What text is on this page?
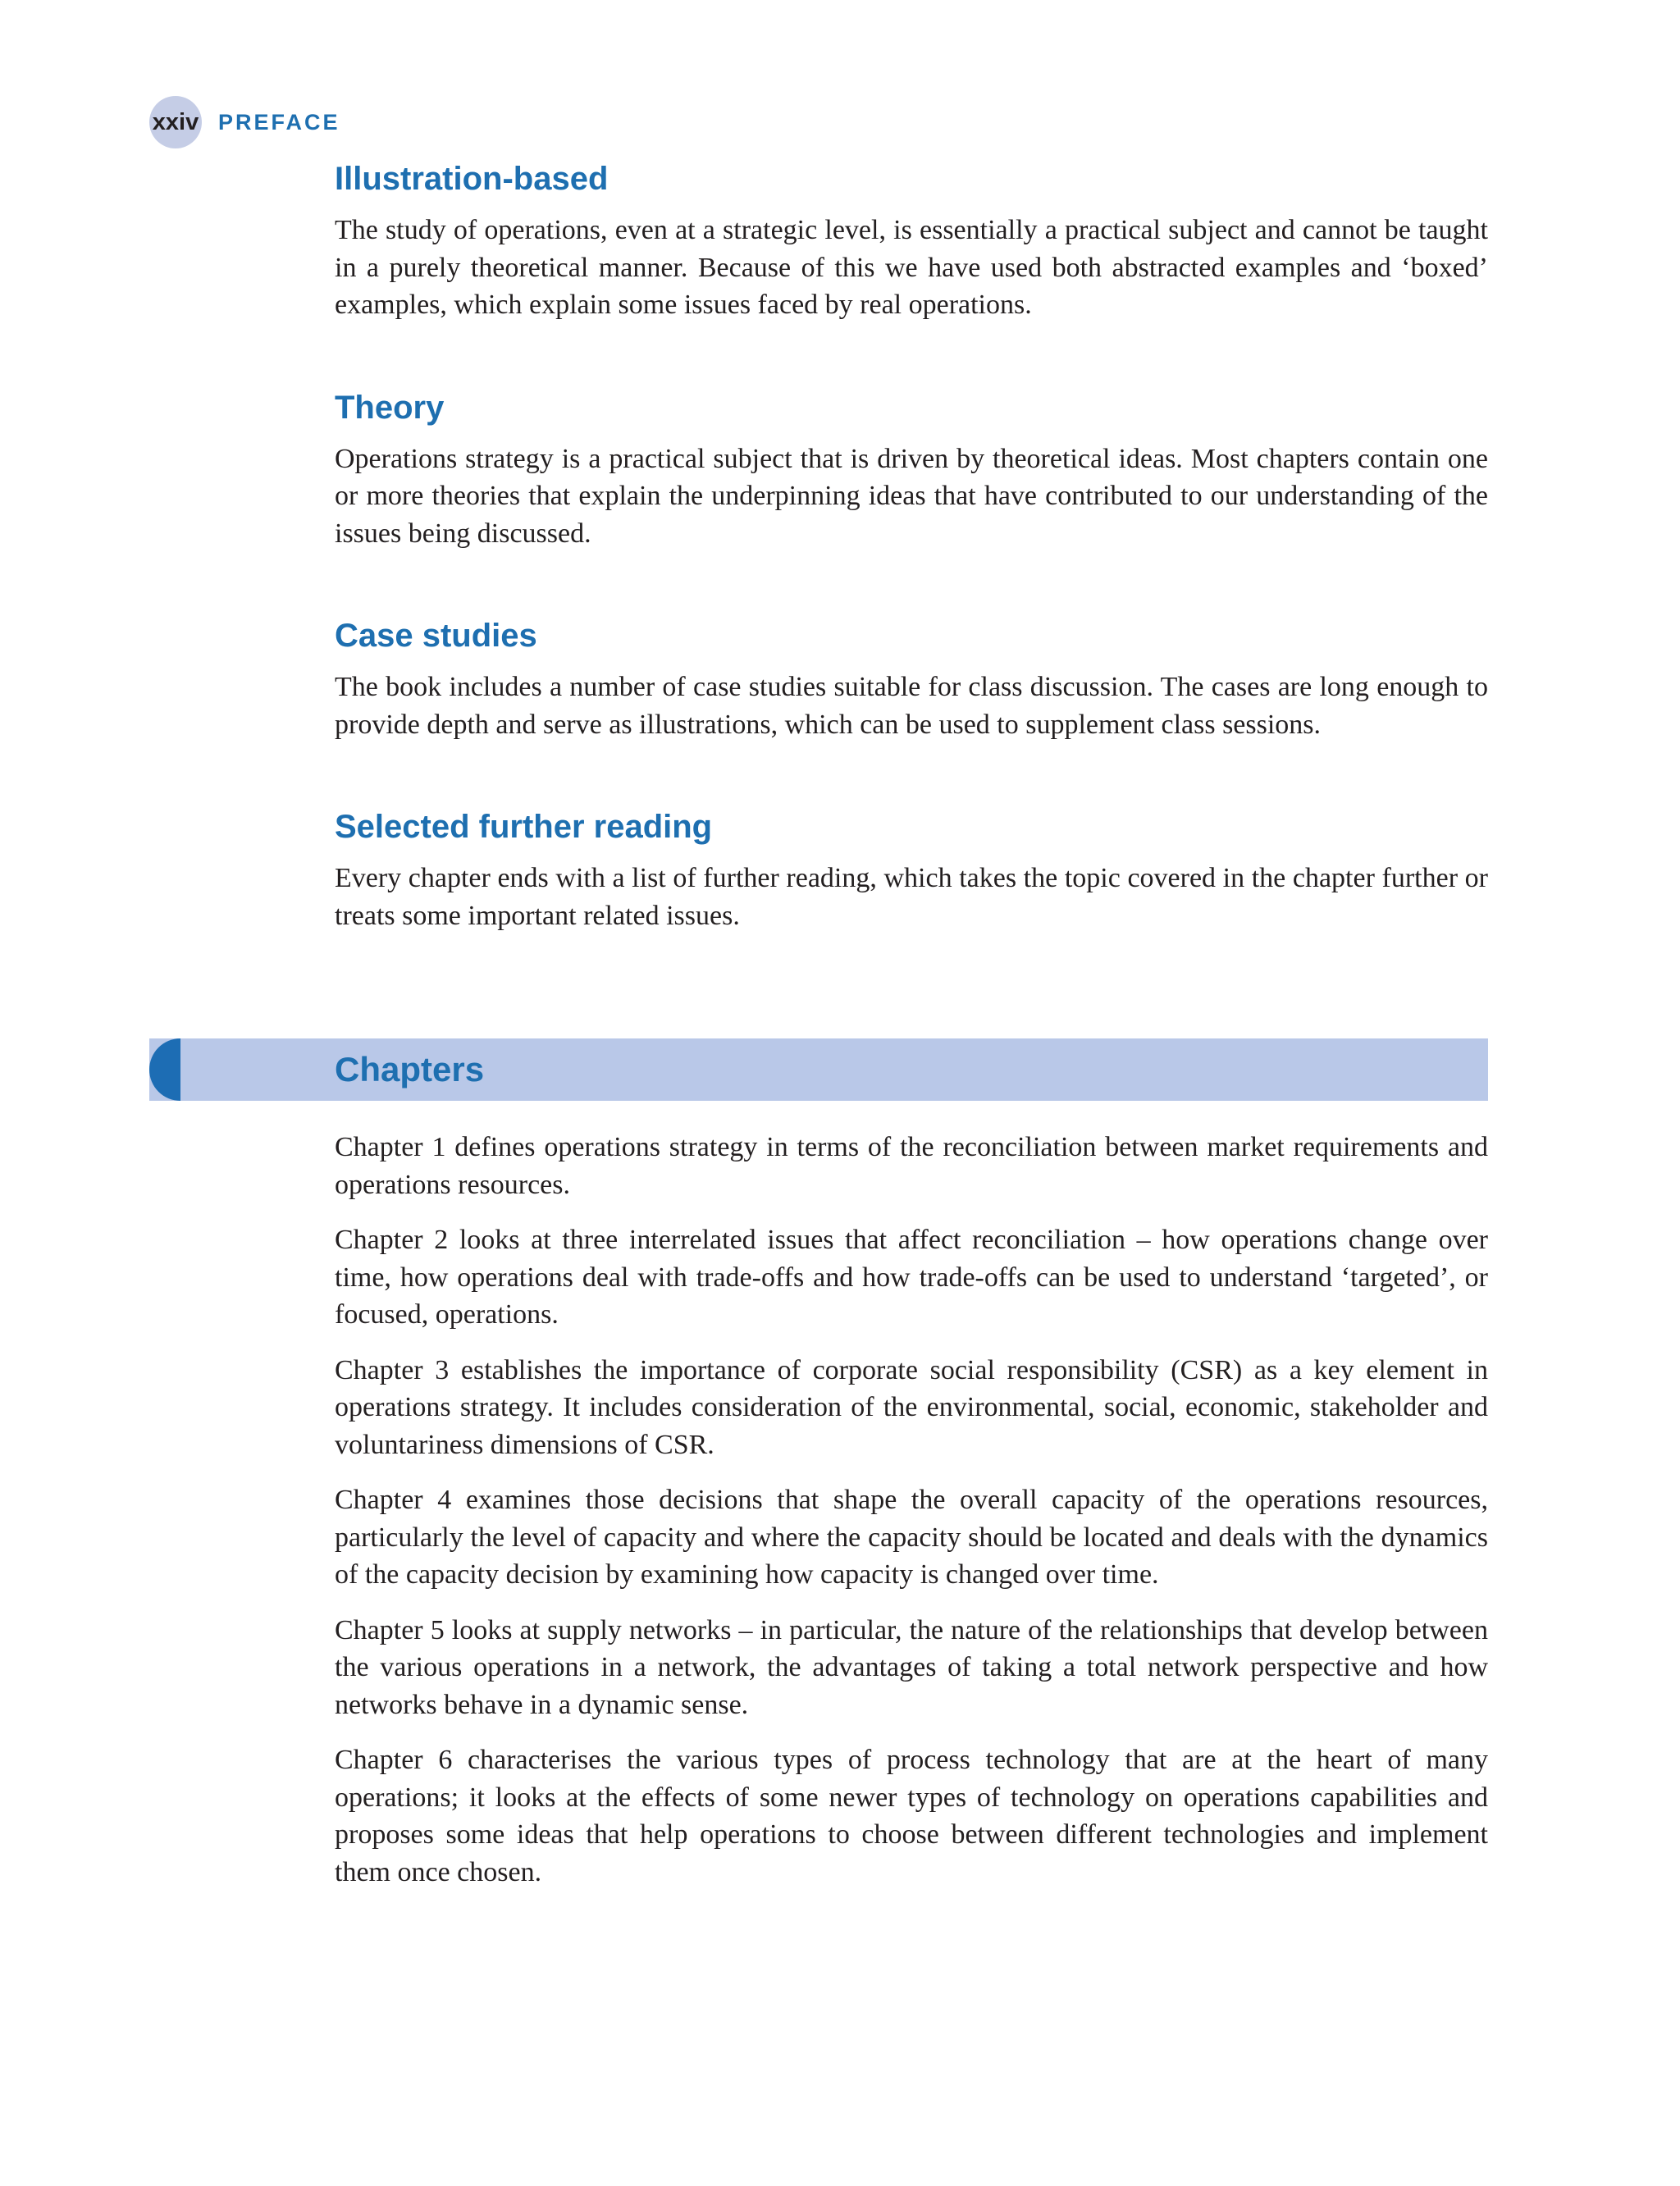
xxiv PREFACE
Illustration-based

The study of operations, even at a strategic level, is essentially a practical subject and cannot be taught in a purely theoretical manner. Because of this we have used both abstracted examples and ‘boxed’ examples, which explain some issues faced by real operations.

Theory

Operations strategy is a practical subject that is driven by theoretical ideas. Most chapters contain one or more theories that explain the underpinning ideas that have contributed to our understanding of the issues being discussed.

Case studies

The book includes a number of case studies suitable for class discussion. The cases are long enough to provide depth and serve as illustrations, which can be used to supplement class sessions.

Selected further reading

Every chapter ends with a list of further reading, which takes the topic covered in the chapter further or treats some important related issues.

Chapters

Chapter 1 defines operations strategy in terms of the reconciliation between market requirements and operations resources.

Chapter 2 looks at three interrelated issues that affect reconciliation – how operations change over time, how operations deal with trade-offs and how trade-offs can be used to understand ‘targeted’, or focused, operations.

Chapter 3 establishes the importance of corporate social responsibility (CSR) as a key element in operations strategy. It includes consideration of the environmental, social, economic, stakeholder and voluntariness dimensions of CSR.

Chapter 4 examines those decisions that shape the overall capacity of the operations resources, particularly the level of capacity and where the capacity should be located and deals with the dynamics of the capacity decision by examining how capacity is changed over time.

Chapter 5 looks at supply networks – in particular, the nature of the relationships that develop between the various operations in a network, the advantages of taking a total network perspective and how networks behave in a dynamic sense.

Chapter 6 characterises the various types of process technology that are at the heart of many operations; it looks at the effects of some newer types of technology on operations capabilities and proposes some ideas that help operations to choose between different technologies and implement them once chosen.
